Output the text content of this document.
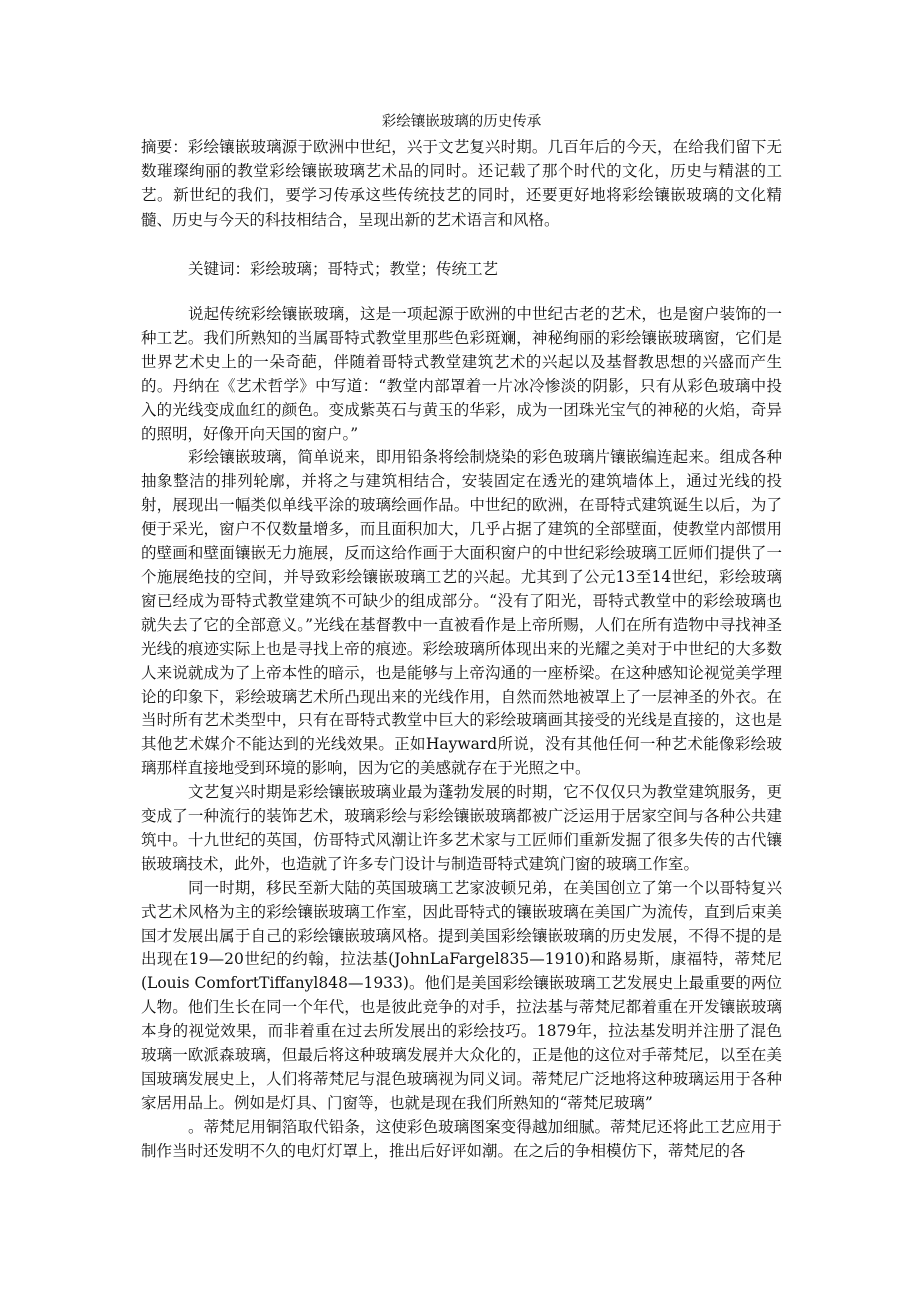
彩绘镶嵌玻璃的历史传承

摘要：彩绘镶嵌玻璃源于欧洲中世纪，兴于文艺复兴时期。几百年后的今天，在给我们留下无数璀璨绚丽的教堂彩绘镶嵌玻璃艺术品的同时。还记载了那个时代的文化，历史与精湛的工艺。新世纪的我们，要学习传承这些传统技艺的同时，还要更好地将彩绘镶嵌玻璃的文化精髓、历史与今天的科技相结合，呈现出新的艺术语言和风格。

关键词：彩绘玻璃；哥特式；教堂；传统工艺

说起传统彩绘镶嵌玻璃，这是一项起源于欧洲的中世纪古老的艺术，也是窗户装饰的一种工艺。我们所熟知的当属哥特式教堂里那些色彩斑斓，神秘绚丽的彩绘镶嵌玻璃窗，它们是世界艺术史上的一朵奇葩，伴随着哥特式教堂建筑艺术的兴起以及基督教思想的兴盛而产生的。丹纳在《艺术哲学》中写道：“教堂内部罩着一片冰冷惨淡的阴影，只有从彩色玻璃中投入的光线变成血红的颜色。变成紫英石与黄玉的华彩，成为一团珠光宝气的神秘的火焰，奇异的照明，好像开向天国的窗户。”

彩绘镶嵌玻璃，简单说来，即用铅条将绘制烧染的彩色玻璃片镶嵌编连起来。组成各种抽象整洁的排列轮廓，并将之与建筑相结合，安装固定在透光的建筑墙体上，通过光线的投射，展现出一幅类似单线平涂的玻璃绘画作品。中世纪的欧洲，在哥特式建筑诞生以后，为了便于采光，窗户不仅数量增多，而且面积加大，几乎占据了建筑的全部壁面，使教堂内部惯用的壁画和壁面镶嵌无力施展，反而这给作画于大面积窗户的中世纪彩绘玻璃工匠师们提供了一个施展绝技的空间，并导致彩绘镶嵌玻璃工艺的兴起。尤其到了公元13至14世纪，彩绘玻璃窗已经成为哥特式教堂建筑不可缺少的组成部分。“没有了阳光，哥特式教堂中的彩绘玻璃也就失去了它的全部意义。”光线在基督教中一直被看作是上帝所赐，人们在所有造物中寻找神圣光线的痕迹实际上也是寻找上帝的痕迹。彩绘玻璃所体现出来的光耀之美对于中世纪的大多数人来说就成为了上帝本性的暗示，也是能够与上帝沟通的一座桥梁。在这种感知论视觉美学理论的印象下，彩绘玻璃艺术所凸现出来的光线作用，自然而然地被罩上了一层神圣的外衣。在当时所有艺术类型中，只有在哥特式教堂中巨大的彩绘玻璃画其接受的光线是直接的，这也是其他艺术媒介不能达到的光线效果。正如Hayward所说，没有其他任何一种艺术能像彩绘玻璃那样直接地受到环境的影响，因为它的美感就存在于光照之中。

文艺复兴时期是彩绘镶嵌玻璃业最为蓬勃发展的时期，它不仅仅只为教堂建筑服务，更变成了一种流行的装饰艺术，玻璃彩绘与彩绘镶嵌玻璃都被广泛运用于居家空间与各种公共建筑中。十九世纪的英国，仿哥特式风潮让许多艺术家与工匠师们重新发掘了很多失传的古代镶嵌玻璃技术，此外，也造就了许多专门设计与制造哥特式建筑门窗的玻璃工作室。

同一时期，移民至新大陆的英国玻璃工艺家波顿兄弟，在美国创立了第一个以哥特复兴式艺术风格为主的彩绘镶嵌玻璃工作室，因此哥特式的镶嵌玻璃在美国广为流传，直到后束美国才发展出属于自己的彩绘镶嵌玻璃风格。提到美国彩绘镶嵌玻璃的历史发展，不得不提的是出现在19—20世纪的约翰，拉法基(JohnLaFargel835—1910)和路易斯，康福特，蒂梵尼(Louis ComfortTiffanyl848—1933)。他们是美国彩绘镶嵌玻璃工艺发展史上最重要的两位人物。他们生长在同一个年代，也是彼此竞争的对手，拉法基与蒂梵尼都着重在开发镶嵌玻璃本身的视觉效果，而非着重在过去所发展出的彩绘技巧。1879年，拉法基发明并注册了混色玻璃一欧派森玻璃，但最后将这种玻璃发展并大众化的，正是他的这位对手蒂梵尼，以至在美国玻璃发展史上，人们将蒂梵尼与混色玻璃视为同义词。蒂梵尼广泛地将这种玻璃运用于各种家居用品上。例如是灯具、门窗等，也就是现在我们所熟知的“蒂梵尼玻璃”

。蒂梵尼用铜箔取代铅条，这使彩色玻璃图案变得越加细腻。蒂梵尼还将此工艺应用于制作当时还发明不久的电灯灯罩上，推出后好评如潮。在之后的争相模仿下，蒂梵尼的各
